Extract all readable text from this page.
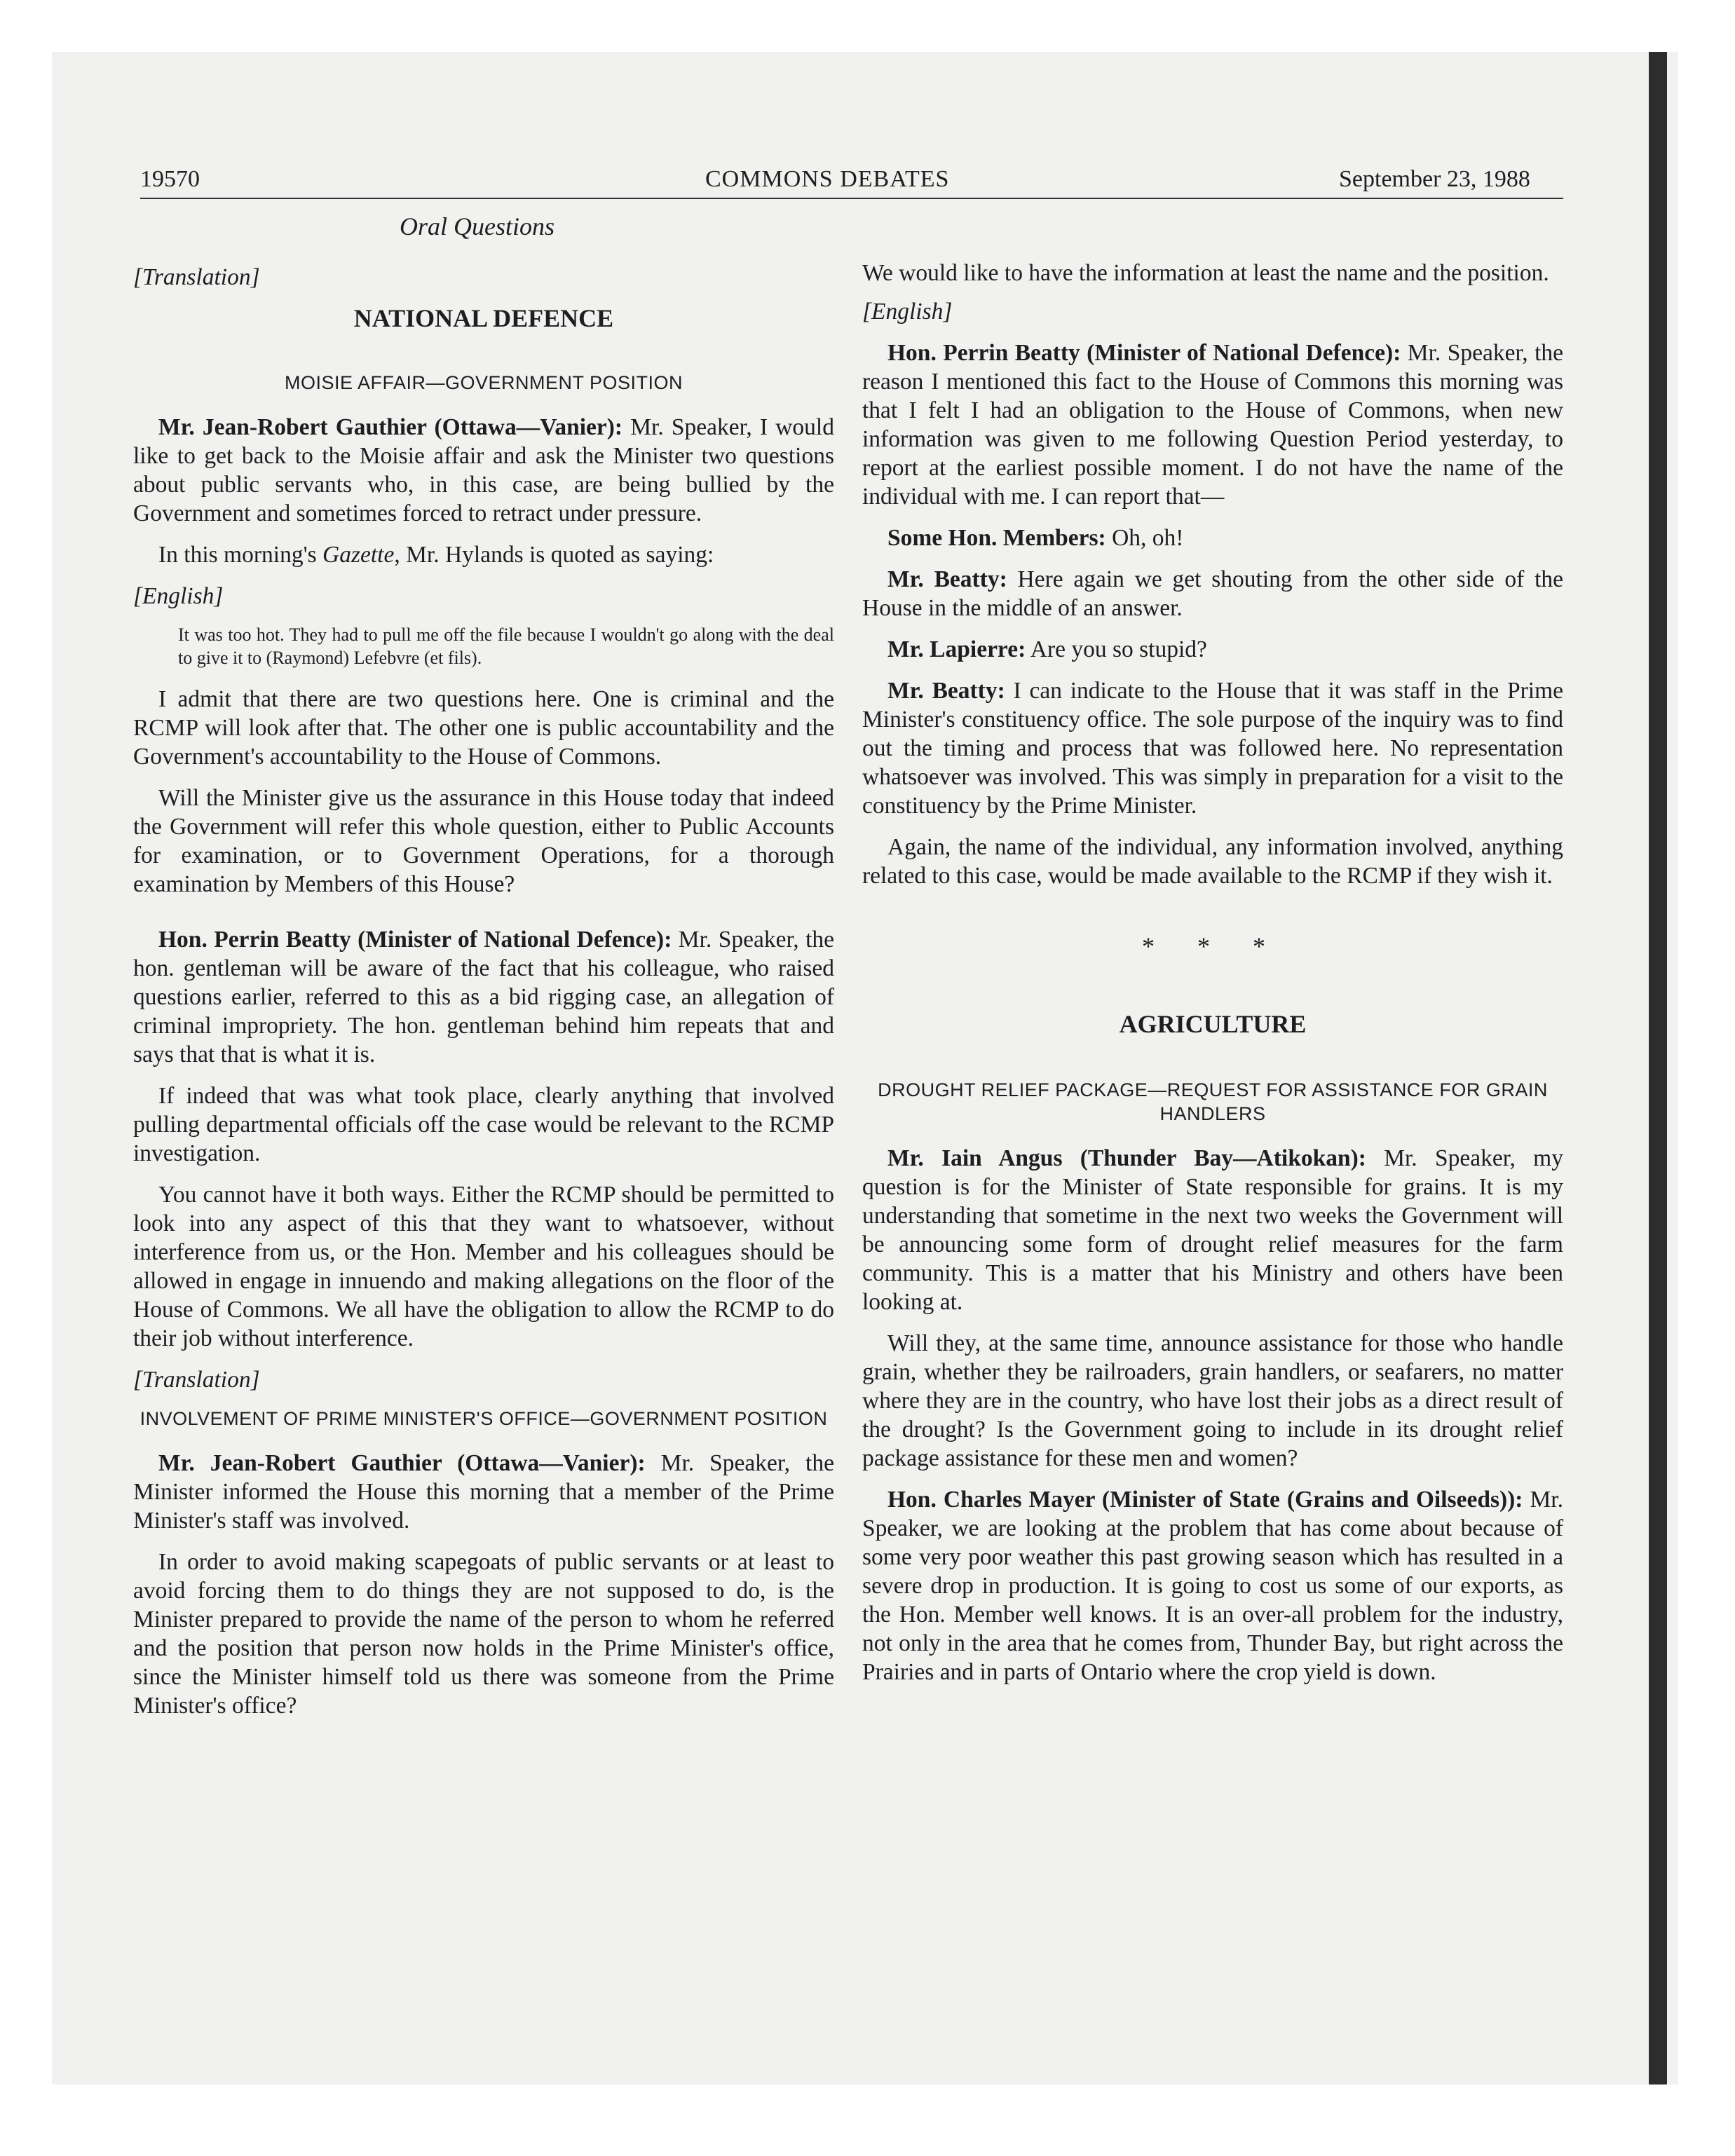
19570	COMMONS DEBATES	September 23, 1988
Oral Questions

[Translation]

NATIONAL DEFENCE

MOISIE AFFAIR—GOVERNMENT POSITION

Mr. Jean-Robert Gauthier (Ottawa—Vanier): Mr. Speaker, I would like to get back to the Moisie affair and ask the Minister two questions about public servants who, in this case, are being bullied by the Government and sometimes forced to retract under pressure.

In this morning's Gazette, Mr. Hylands is quoted as saying:

[English]

It was too hot. They had to pull me off the file because I wouldn't go along with the deal to give it to (Raymond) Lefebvre (et fils).

I admit that there are two questions here. One is criminal and the RCMP will look after that. The other one is public accountability and the Government's accountability to the House of Commons.

Will the Minister give us the assurance in this House today that indeed the Government will refer this whole question, either to Public Accounts for examination, or to Government Operations, for a thorough examination by Members of this House?

Hon. Perrin Beatty (Minister of National Defence): Mr. Speaker, the hon. gentleman will be aware of the fact that his colleague, who raised questions earlier, referred to this as a bid rigging case, an allegation of criminal impropriety. The hon. gentleman behind him repeats that and says that that is what it is.

If indeed that was what took place, clearly anything that involved pulling departmental officials off the case would be relevant to the RCMP investigation.

You cannot have it both ways. Either the RCMP should be permitted to look into any aspect of this that they want to whatsoever, without interference from us, or the Hon. Member and his colleagues should be allowed in engage in innuendo and making allegations on the floor of the House of Commons. We all have the obligation to allow the RCMP to do their job without interference.

[Translation]

INVOLVEMENT OF PRIME MINISTER'S OFFICE—GOVERNMENT POSITION

Mr. Jean-Robert Gauthier (Ottawa—Vanier): Mr. Speaker, the Minister informed the House this morning that a member of the Prime Minister's staff was involved.

In order to avoid making scapegoats of public servants or at least to avoid forcing them to do things they are not supposed to do, is the Minister prepared to provide the name of the person to whom he referred and the position that person now holds in the Prime Minister's office, since the Minister himself told us there was someone from the Prime Minister's office?

We would like to have the information at least the name and the position.

[English]

Hon. Perrin Beatty (Minister of National Defence): Mr. Speaker, the reason I mentioned this fact to the House of Commons this morning was that I felt I had an obligation to the House of Commons, when new information was given to me following Question Period yesterday, to report at the earliest possible moment. I do not have the name of the individual with me. I can report that—

Some Hon. Members: Oh, oh!

Mr. Beatty: Here again we get shouting from the other side of the House in the middle of an answer.

Mr. Lapierre: Are you so stupid?

Mr. Beatty: I can indicate to the House that it was staff in the Prime Minister's constituency office. The sole purpose of the inquiry was to find out the timing and process that was followed here. No representation whatsoever was involved. This was simply in preparation for a visit to the constituency by the Prime Minister.

Again, the name of the individual, any information involved, anything related to this case, would be made available to the RCMP if they wish it.

* * *

AGRICULTURE

DROUGHT RELIEF PACKAGE—REQUEST FOR ASSISTANCE FOR GRAIN HANDLERS

Mr. Iain Angus (Thunder Bay—Atikokan): Mr. Speaker, my question is for the Minister of State responsible for grains. It is my understanding that sometime in the next two weeks the Government will be announcing some form of drought relief measures for the farm community. This is a matter that his Ministry and others have been looking at.

Will they, at the same time, announce assistance for those who handle grain, whether they be railroaders, grain handlers, or seafarers, no matter where they are in the country, who have lost their jobs as a direct result of the drought? Is the Government going to include in its drought relief package assistance for these men and women?

Hon. Charles Mayer (Minister of State (Grains and Oilseeds)): Mr. Speaker, we are looking at the problem that has come about because of some very poor weather this past growing season which has resulted in a severe drop in production. It is going to cost us some of our exports, as the Hon. Member well knows. It is an over-all problem for the industry, not only in the area that he comes from, Thunder Bay, but right across the Prairies and in parts of Ontario where the crop yield is down.
